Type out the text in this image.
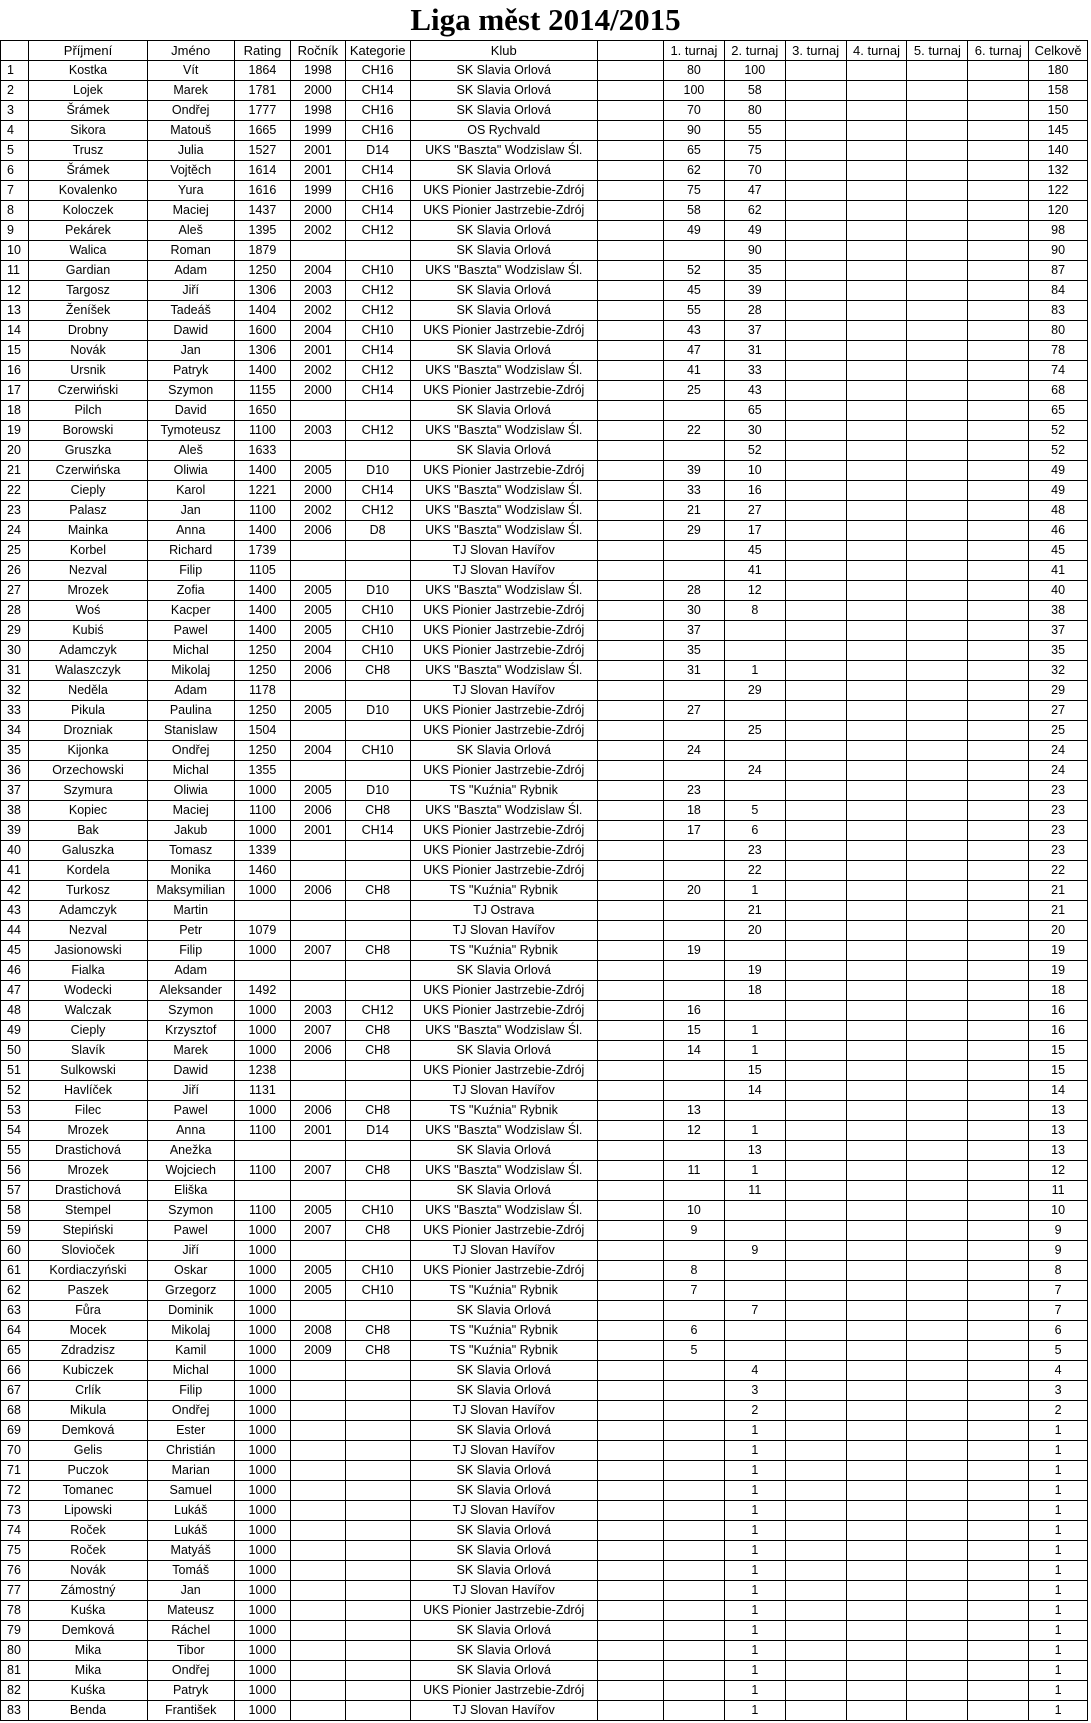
Liga měst 2014/2015
	Příjmení	Jméno	Rating	Ročník	Kategorie	Klub		1. turnaj	2. turnaj	3. turnaj	4. turnaj	5. turnaj	6. turnaj	Celkově
1	Kostka	Vít	1864	1998	CH16	SK Slavia Orlová		80	100					180
2	Lojek	Marek	1781	2000	CH14	SK Slavia Orlová		100	58					158
3	Šrámek	Ondřej	1777	1998	CH16	SK Slavia Orlová		70	80					150
4	Sikora	Matouš	1665	1999	CH16	OS Rychvald		90	55					145
5	Trusz	Julia	1527	2001	D14	UKS "Baszta" Wodzislaw Śl.		65	75					140
6	Šrámek	Vojtěch	1614	2001	CH14	SK Slavia Orlová		62	70					132
7	Kovalenko	Yura	1616	1999	CH16	UKS Pionier Jastrzebie-Zdrój		75	47					122
8	Koloczek	Maciej	1437	2000	CH14	UKS Pionier Jastrzebie-Zdrój		58	62					120
9	Pekárek	Aleš	1395	2002	CH12	SK Slavia Orlová		49	49					98
10	Walica	Roman	1879			SK Slavia Orlová			90					90
11	Gardian	Adam	1250	2004	CH10	UKS "Baszta" Wodzislaw Śl.		52	35					87
12	Targosz	Jiří	1306	2003	CH12	SK Slavia Orlová		45	39					84
13	Ženíšek	Tadeáš	1404	2002	CH12	SK Slavia Orlová		55	28					83
14	Drobny	Dawid	1600	2004	CH10	UKS Pionier Jastrzebie-Zdrój		43	37					80
15	Novák	Jan	1306	2001	CH14	SK Slavia Orlová		47	31					78
16	Ursnik	Patryk	1400	2002	CH12	UKS "Baszta" Wodzislaw Śl.		41	33					74
17	Czerwiński	Szymon	1155	2000	CH14	UKS Pionier Jastrzebie-Zdrój		25	43					68
18	Pilch	David	1650			SK Slavia Orlová			65					65
19	Borowski	Tymoteusz	1100	2003	CH12	UKS "Baszta" Wodzislaw Śl.		22	30					52
20	Gruszka	Aleš	1633			SK Slavia Orlová			52					52
21	Czerwińska	Oliwia	1400	2005	D10	UKS Pionier Jastrzebie-Zdrój		39	10					49
22	Cieply	Karol	1221	2000	CH14	UKS "Baszta" Wodzislaw Śl.		33	16					49
23	Palasz	Jan	1100	2002	CH12	UKS "Baszta" Wodzislaw Śl.		21	27					48
24	Mainka	Anna	1400	2006	D8	UKS "Baszta" Wodzislaw Śl.		29	17					46
25	Korbel	Richard	1739			TJ Slovan Havířov			45					45
26	Nezval	Filip	1105			TJ Slovan Havířov			41					41
27	Mrozek	Zofia	1400	2005	D10	UKS "Baszta" Wodzislaw Śl.		28	12					40
28	Woś	Kacper	1400	2005	CH10	UKS Pionier Jastrzebie-Zdrój		30	8					38
29	Kubiś	Pawel	1400	2005	CH10	UKS Pionier Jastrzebie-Zdrój		37						37
30	Adamczyk	Michal	1250	2004	CH10	UKS Pionier Jastrzebie-Zdrój		35						35
31	Walaszczyk	Mikolaj	1250	2006	CH8	UKS "Baszta" Wodzislaw Śl.		31	1					32
32	Neděla	Adam	1178			TJ Slovan Havířov			29					29
33	Pikula	Paulina	1250	2005	D10	UKS Pionier Jastrzebie-Zdrój		27						27
34	Drozniak	Stanislaw	1504			UKS Pionier Jastrzebie-Zdrój			25					25
35	Kijonka	Ondřej	1250	2004	CH10	SK Slavia Orlová		24						24
36	Orzechowski	Michal	1355			UKS Pionier Jastrzebie-Zdrój			24					24
37	Szymura	Oliwia	1000	2005	D10	TS "Kuźnia" Rybnik		23						23
38	Kopiec	Maciej	1100	2006	CH8	UKS "Baszta" Wodzislaw Śl.		18	5					23
39	Bak	Jakub	1000	2001	CH14	UKS Pionier Jastrzebie-Zdrój		17	6					23
40	Galuszka	Tomasz	1339			UKS Pionier Jastrzebie-Zdrój			23					23
41	Kordela	Monika	1460			UKS Pionier Jastrzebie-Zdrój			22					22
42	Turkosz	Maksymilian	1000	2006	CH8	TS "Kuźnia" Rybnik		20	1					21
43	Adamczyk	Martin				TJ Ostrava			21					21
44	Nezval	Petr	1079			TJ Slovan Havířov			20					20
45	Jasionowski	Filip	1000	2007	CH8	TS "Kuźnia" Rybnik		19						19
46	Fialka	Adam				SK Slavia Orlová			19					19
47	Wodecki	Aleksander	1492			UKS Pionier Jastrzebie-Zdrój			18					18
48	Walczak	Szymon	1000	2003	CH12	UKS Pionier Jastrzebie-Zdrój		16						16
49	Cieply	Krzysztof	1000	2007	CH8	UKS "Baszta" Wodzislaw Śl.		15	1					16
50	Slavík	Marek	1000	2006	CH8	SK Slavia Orlová		14	1					15
51	Sulkowski	Dawid	1238			UKS Pionier Jastrzebie-Zdrój			15					15
52	Havlíček	Jiří	1131			TJ Slovan Havířov			14					14
53	Filec	Pawel	1000	2006	CH8	TS "Kuźnia" Rybnik		13						13
54	Mrozek	Anna	1100	2001	D14	UKS "Baszta" Wodzislaw Śl.		12	1					13
55	Drastichová	Anežka				SK Slavia Orlová			13					13
56	Mrozek	Wojciech	1100	2007	CH8	UKS "Baszta" Wodzislaw Śl.		11	1					12
57	Drastichová	Eliška				SK Slavia Orlová			11					11
58	Stempel	Szymon	1100	2005	CH10	UKS "Baszta" Wodzislaw Śl.		10						10
59	Stepiński	Pawel	1000	2007	CH8	UKS Pionier Jastrzebie-Zdrój		9						9
60	Slovioček	Jiří	1000			TJ Slovan Havířov			9					9
61	Kordiaczyński	Oskar	1000	2005	CH10	UKS Pionier Jastrzebie-Zdrój		8						8
62	Paszek	Grzegorz	1000	2005	CH10	TS "Kuźnia" Rybnik		7						7
63	Fůra	Dominik	1000			SK Slavia Orlová			7					7
64	Mocek	Mikolaj	1000	2008	CH8	TS "Kuźnia" Rybnik		6						6
65	Zdradzisz	Kamil	1000	2009	CH8	TS "Kuźnia" Rybnik		5						5
66	Kubiczek	Michal	1000			SK Slavia Orlová			4					4
67	Crlík	Filip	1000			SK Slavia Orlová			3					3
68	Mikula	Ondřej	1000			TJ Slovan Havířov			2					2
69	Demková	Ester	1000			SK Slavia Orlová			1					1
70	Gelis	Christián	1000			TJ Slovan Havířov			1					1
71	Puczok	Marian	1000			SK Slavia Orlová			1					1
72	Tomanec	Samuel	1000			SK Slavia Orlová			1					1
73	Lipowski	Lukáš	1000			TJ Slovan Havířov			1					1
74	Roček	Lukáš	1000			SK Slavia Orlová			1					1
75	Roček	Matyáš	1000			SK Slavia Orlová			1					1
76	Novák	Tomáš	1000			SK Slavia Orlová			1					1
77	Zámostný	Jan	1000			TJ Slovan Havířov			1					1
78	Kuśka	Mateusz	1000			UKS Pionier Jastrzebie-Zdrój			1					1
79	Demková	Ráchel	1000			SK Slavia Orlová			1					1
80	Mika	Tibor	1000			SK Slavia Orlová			1					1
81	Mika	Ondřej	1000			SK Slavia Orlová			1					1
82	Kuśka	Patryk	1000			UKS Pionier Jastrzebie-Zdrój			1					1
83	Benda	František	1000			TJ Slovan Havířov			1					1
